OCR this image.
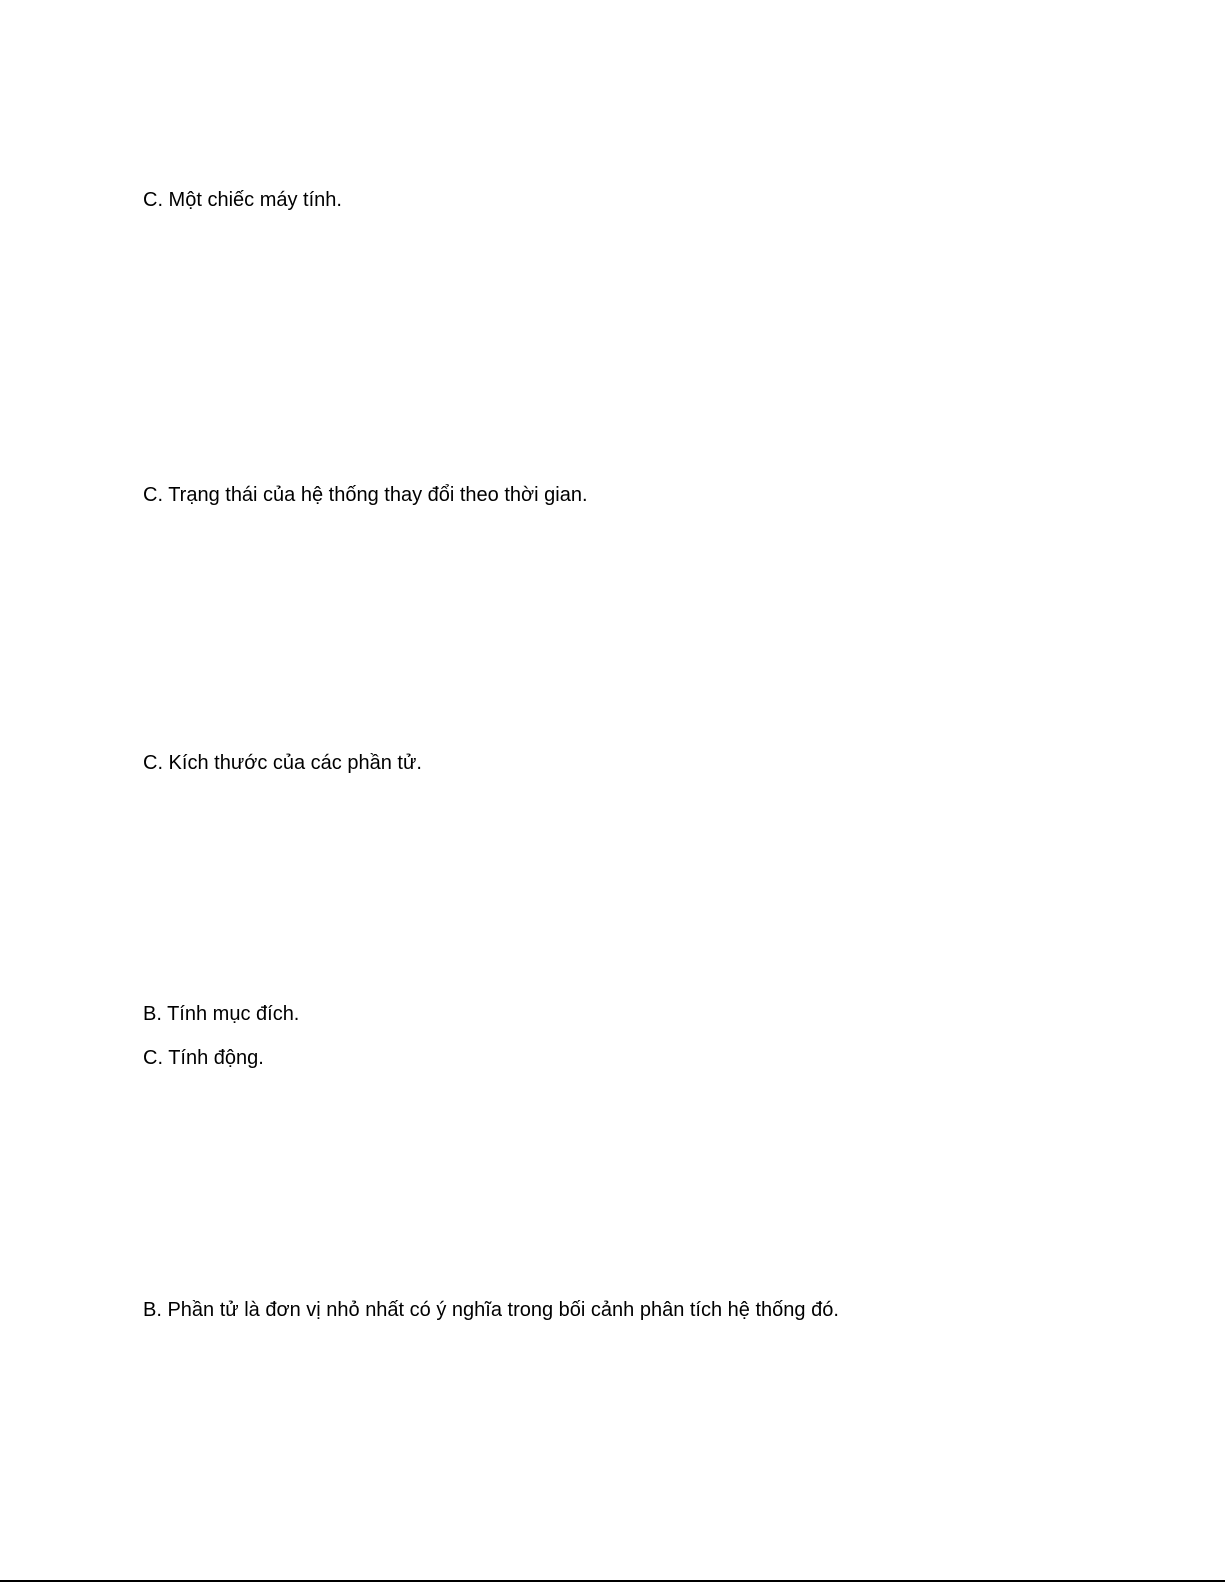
C. Một chiếc máy tính.
C. Trạng thái của hệ thống thay đổi theo thời gian.
C. Kích thước của các phần tử.
B. Tính mục đích.
C. Tính động.
B. Phần tử là đơn vị nhỏ nhất có ý nghĩa trong bối cảnh phân tích hệ thống đó.
